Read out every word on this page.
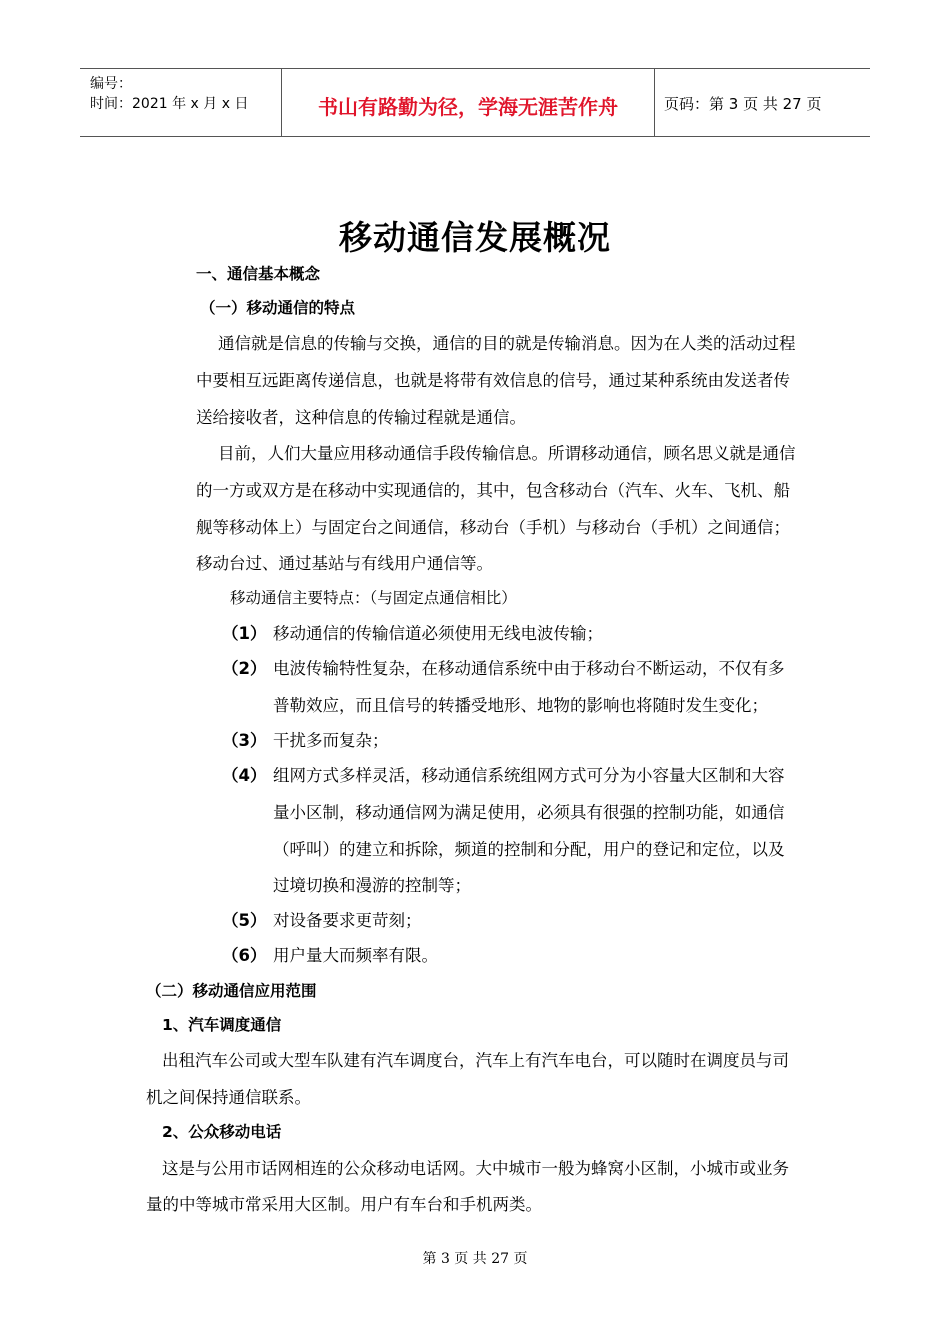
编号：
时间：2021 年 x 月 x 日	书山有路勤为径，学海无涯苦作舟	页码：第 3 页 共 27 页
移动通信发展概况
一、通信基本概念
（一）移动通信的特点
通信就是信息的传输与交换，通信的目的就是传输消息。因为在人类的活动过程
中要相互远距离传递信息，也就是将带有效信息的信号，通过某种系统由发送者传
送给接收者，这种信息的传输过程就是通信。
目前，人们大量应用移动通信手段传输信息。所谓移动通信，顾名思义就是通信
的一方或双方是在移动中实现通信的，其中，包含移动台（汽车、火车、飞机、船
舰等移动体上）与固定台之间通信，移动台（手机）与移动台（手机）之间通信；
移动台过、通过基站与有线用户通信等。
移动通信主要特点：（与固定点通信相比）
（1） 移动通信的传输信道必须使用无线电波传输；
（2） 电波传输特性复杂，在移动通信系统中由于移动台不断运动，不仅有多
普勒效应，而且信号的转播受地形、地物的影响也将随时发生变化；
（3） 干扰多而复杂；
（4） 组网方式多样灵活，移动通信系统组网方式可分为小容量大区制和大容
量小区制，移动通信网为满足使用，必须具有很强的控制功能，如通信
（呼叫）的建立和拆除，频道的控制和分配，用户的登记和定位，以及
过境切换和漫游的控制等；
（5） 对设备要求更苛刻；
（6） 用户量大而频率有限。
（二）移动通信应用范围
1、汽车调度通信
出租汽车公司或大型车队建有汽车调度台，汽车上有汽车电台，可以随时在调度员与司
机之间保持通信联系。
2、公众移动电话
这是与公用市话网相连的公众移动电话网。大中城市一般为蜂窝小区制，小城市或业务
量的中等城市常采用大区制。用户有车台和手机两类。
第 3 页 共 27 页
